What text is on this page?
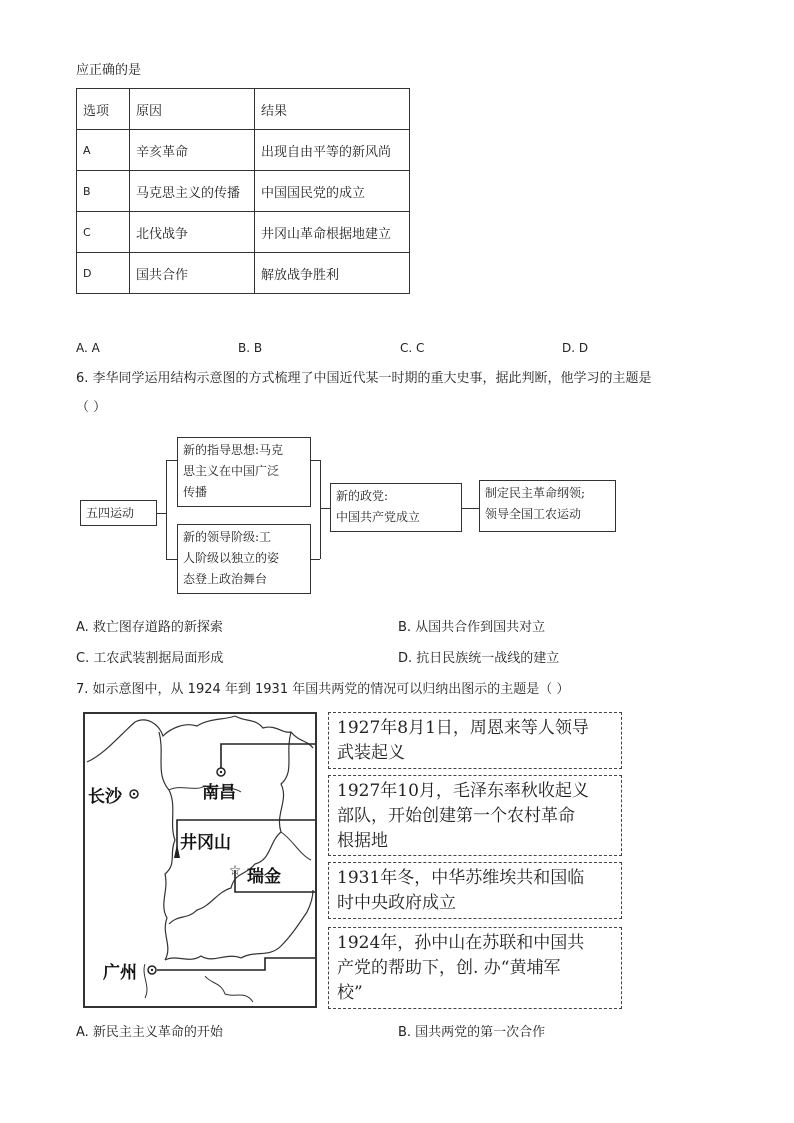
应正确的是
选项	原因	结果
A	辛亥革命	出现自由平等的新风尚
B	马克思主义的传播	中国国民党的成立
C	北伐战争	井冈山革命根据地建立
D	国共合作	解放战争胜利
A. A	B. B	C. C	D. D
6. 李华同学运用结构示意图的方式梳理了中国近代某一时期的重大史事，据此判断，他学习的主题是
（ ）
五四运动
新的指导思想:马克
思主义在中国广泛
传播
新的领导阶级:工
人阶级以独立的姿
态登上政治舞台
新的政党:
中国共产党成立
制定民主革命纲领;
领导全国工农运动
A. 救亡图存道路的新探索	B. 从国共合作到国共对立
C. 工农武装割据局面形成	D. 抗日民族统一战线的建立
7. 如示意图中，从 1924 年到 1931 年国共两党的情况可以归纳出图示的主题是（ ）
☆
长沙	南昌
井冈山
瑞金
广州
1927年8月1日，周恩来等人领导
武装起义
1927年10月，毛泽东率秋收起义
部队，开始创建第一个农村革命
根据地
1931年冬，中华苏维埃共和国临
时中央政府成立
1924年，孙中山在苏联和中国共
产党的帮助下，创. 办“黄埔军
校”
A. 新民主主义革命的开始	B. 国共两党的第一次合作
